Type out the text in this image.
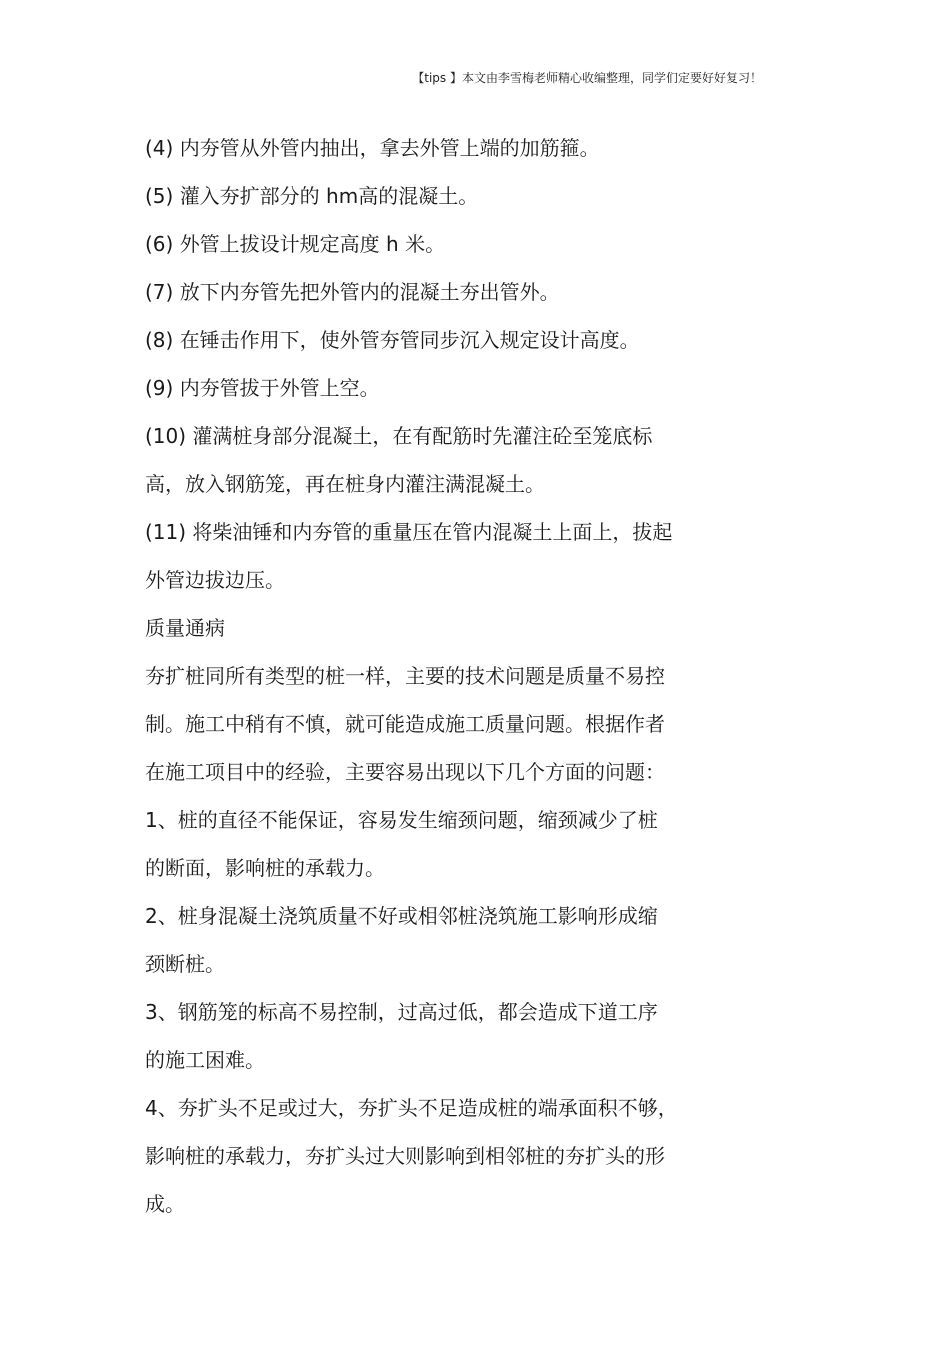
【tips 】本文由李雪梅老师精心收编整理，同学们定要好好复习！
(4) 内夯管从外管内抽出，拿去外管上端的加筋箍。
(5) 灌入夯扩部分的 hm高的混凝土。
(6) 外管上拔设计规定高度 h 米。
(7) 放下内夯管先把外管内的混凝土夯出管外。
(8) 在锤击作用下，使外管夯管同步沉入规定设计高度。
(9) 内夯管拔于外管上空。
(10) 灌满桩身部分混凝土，在有配筋时先灌注砼至笼底标
高，放入钢筋笼，再在桩身内灌注满混凝土。
(11) 将柴油锤和内夯管的重量压在管内混凝土上面上，拔起
外管边拔边压。
质量通病
夯扩桩同所有类型的桩一样，主要的技术问题是质量不易控
制。施工中稍有不慎，就可能造成施工质量问题。根据作者
在施工项目中的经验，主要容易出现以下几个方面的问题：
1、桩的直径不能保证，容易发生缩颈问题，缩颈减少了桩
的断面，影响桩的承载力。
2、桩身混凝土浇筑质量不好或相邻桩浇筑施工影响形成缩
颈断桩。
3、钢筋笼的标高不易控制，过高过低，都会造成下道工序
的施工困难。
4、夯扩头不足或过大，夯扩头不足造成桩的端承面积不够，
影响桩的承载力，夯扩头过大则影响到相邻桩的夯扩头的形
成。
